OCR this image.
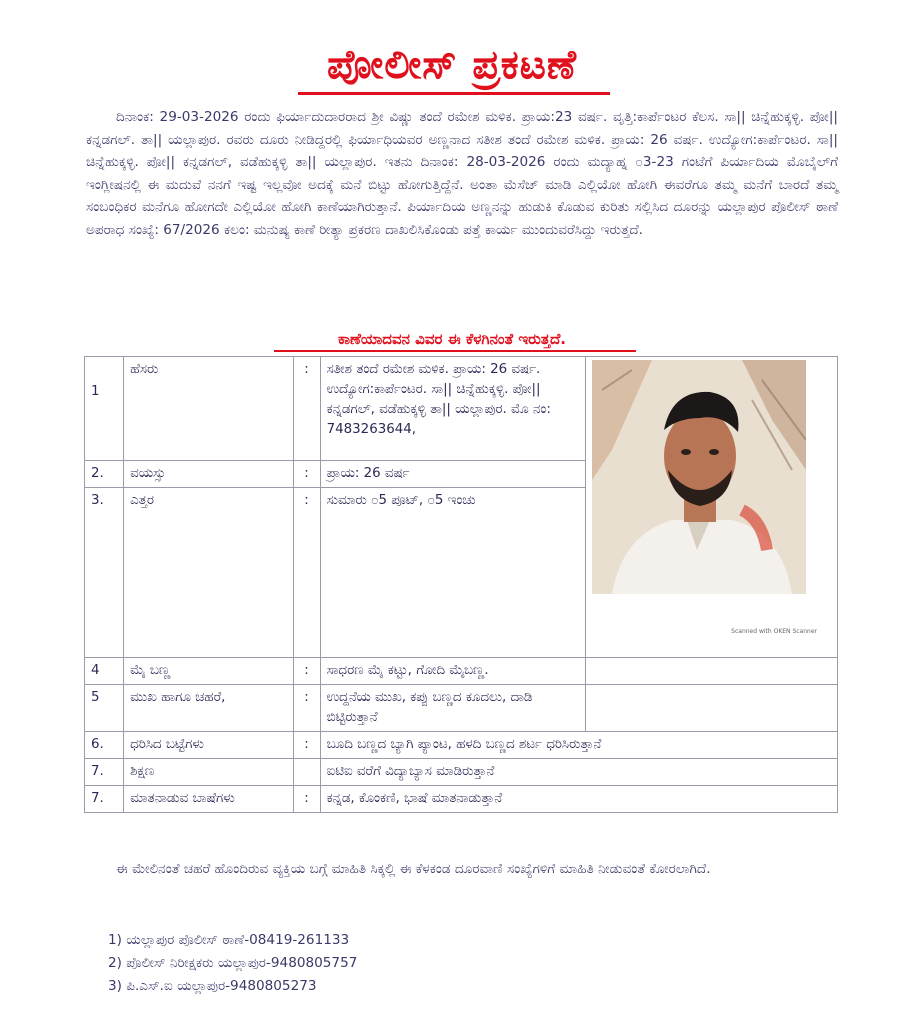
ಪೋಲೀಸ್ ಪ್ರಕಟಣೆ
ದಿನಾಂಕ: 29-03-2026 ರಂದು ಫಿರ್ಯಾದುದಾರರಾದ ಶ್ರೀ ವಿಷ್ಣು ತಂದೆ ರಮೇಶ ಮಳಿಕ. ಪ್ರಾಯ:23 ವರ್ಷ. ವೃತ್ತಿ:ಕಾರ್ಪೆಂಟರ ಕೆಲಸ. ಸಾ|| ಚಿನ್ನೆಹುಕ್ಕಳ್ಳಿ. ಪೋ||ಕನ್ನಡಗಲ್. ತಾ|| ಯಲ್ಲಾಪುರ. ರವರು ದೂರು ನೀಡಿದ್ದರಲ್ಲಿ ಫಿರ್ಯಾಧಿಯವರ ಅಣ್ಣನಾದ ಸತೀಶ ತಂದೆ ರಮೇಶ ಮಳಿಕ. ಪ್ರಾಯ: 26 ವರ್ಷ. ಉದ್ಯೋಗ:ಕಾರ್ಪೆಂಟರ. ಸಾ|| ಚಿನ್ನೆಹುಕ್ಕಳ್ಳಿ. ಪೋ|| ಕನ್ನಡಗಲ್, ವಡೆಹುಕ್ಕಳ್ಳಿ ತಾ|| ಯಲ್ಲಾಪುರ. ಇತನು ದಿನಾಂಕ: 28-03-2026 ರಂದು ಮದ್ಯಾಹ್ನ ೦3-23 ಗಂಟೆಗೆ ಪಿರ್ಯಾದಿಯ ಮೊಬೈಲ್‌ಗೆ ಇಂಗ್ಲೀಷನಲ್ಲಿ ಈ ಮದುವೆ ನನಗೆ ಇಷ್ಟ ಇಲ್ಲವೋ ಅದಕ್ಕೆ ಮನೆ ಬಿಟ್ಟು ಹೋಗುತ್ತಿದ್ದೆನೆ. ಅಂತಾ ಮೆಸೆಜ್ ಮಾಡಿ ಎಲ್ಲಿಯೋ ಹೋಗಿ ಈವರೆಗೂ ತಮ್ಮ ಮನೆಗೆ ಬಾರದೆ ತಮ್ಮ ಸಂಬಂಧಿಕರ ಮನೆಗೂ ಹೋಗದೇ ಎಲ್ಲಿಯೋ ಹೋಗಿ ಕಾಣೆಯಾಗಿರುತ್ತಾನೆ. ಪಿರ್ಯಾದಿಯ ಅಣ್ಣನನ್ನು ಹುಡುಕಿ ಕೊಡುವ ಕುರಿತು ಸಲ್ಲಿಸಿದ ದೂರನ್ನು ಯಲ್ಲಾಪುರ ಪೊಲೀಸ್ ಠಾಣೆ ಅಪರಾಧ ಸಂಖ್ಯೆ: 67/2026 ಕಲಂ: ಮನುಷ್ಯ ಕಾಣೆ ರೀತ್ಯಾ ಪ್ರಕರಣ ದಾಖಲಿಸಿಕೊಂಡು ಪತ್ತೆ ಕಾರ್ಯ ಮುಂದುವರೆಸಿದ್ದು ಇರುತ್ತದೆ.
ಕಾಣೆಯಾದವನ ವಿವರ ಈ ಕೆಳಗಿನಂತೆ ಇರುತ್ತದೆ.
1	ಹೆಸರು	:	ಸತೀಶ ತಂದೆ ರಮೇಶ ಮಳಿಕ. ಪ್ರಾಯ: 26 ವರ್ಷ. ಉದ್ಯೋಗ:ಕಾರ್ಪೆಂಟರ. ಸಾ|| ಚಿನ್ನೆಹುಕ್ಕಳ್ಳಿ. ಪೋ|| ಕನ್ನಡಗಲ್, ವಡೆಹುಕ್ಕಳ್ಳಿ ತಾ|| ಯಲ್ಲಾಪುರ. ಮೊ ನಂ: 7483263644,	Scanned with OKEN Scanner

2.	ವಯಸ್ಸು	:	ಪ್ರಾಯ: 26 ವರ್ಷ	
3.	ಎತ್ತರ	:	ಸುಮಾರು ೦5 ಪೂಟ್, ೦5 ಇಂಚು	
4	ಮೈ ಬಣ್ಣ	:	ಸಾಧರಣ ಮೈ ಕಟ್ಟು, ಗೋದಿ ಮೈಬಣ್ಣ.	
5	ಮುಖ ಹಾಗೂ ಚಹರೆ,	:	ಉದ್ದನೆಯ ಮುಖ, ಕಪ್ಪು ಬಣ್ಣದ ಕೂದಲು, ದಾಡಿ ಬಿಟ್ಟಿರುತ್ತಾನೆ	
6.	ಧರಿಸಿದ ಬಟ್ಟೆಗಳು	:	ಬೂದಿ ಬಣ್ಣದ ಬ್ಯಾಗಿ ಪ್ಯಾಂಟ, ಹಳದಿ ಬಣ್ಣದ ಶರ್ಟ ಧರಿಸಿರುತ್ತಾನೆ	
7.	ಶಿಕ್ಷಣ		ಐಟಿಐ ವರೆಗೆ ವಿದ್ಯಾಬ್ಯಾಸ ಮಾಡಿರುತ್ತಾನೆ	
7.	ಮಾತನಾಡುವ ಬಾಷೆಗಳು	:	ಕನ್ನಡ, ಕೊಂಕಣಿ, ಭಾಷೆ ಮಾತನಾಡುತ್ತಾನೆ	
ಈ ಮೇಲಿನಂತೆ ಚಹರೆ ಹೊಂದಿರುವ ವ್ಯಕ್ತಿಯ ಬಗ್ಗೆ ಮಾಹಿತಿ ಸಿಕ್ಕಲ್ಲಿ ಈ ಕೆಳಕಂಡ ದೂರವಾಣಿ ಸಂಖ್ಯೆಗಳಿಗೆ ಮಾಹಿತಿ ನೀಡುವಂತೆ ಕೋರಲಾಗಿದೆ.
1) ಯಲ್ಲಾಪುರ ಪೊಲೀಸ್ ಠಾಣೆ-08419-261133
2) ಪೊಲೀಸ್ ನಿರೀಕ್ಷಕರು ಯಲ್ಲಾಪುರ-9480805757
3) ಪಿ.ಎಸ್.ಐ ಯಲ್ಲಾಪುರ-9480805273
